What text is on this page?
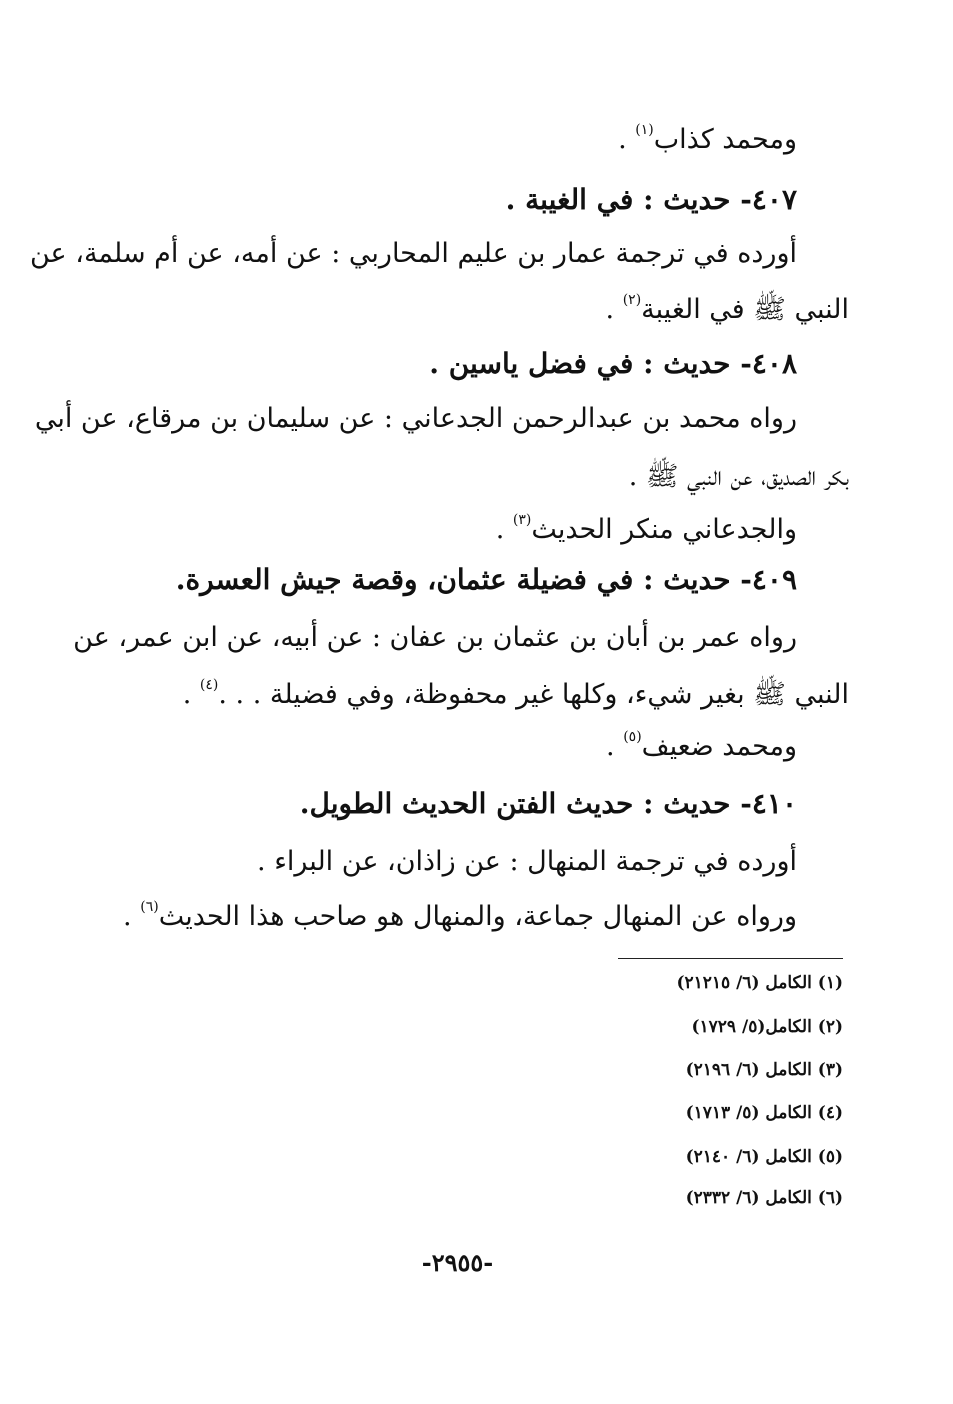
ومحمد كذاب$^{(١)}$ .
٤٠٧- حديث : في الغيبة .
أورده في ترجمة عمار بن عليم المحاربي : عن أمه، عن أم سلمة، عن
النبي ﷺ في الغيبة$^{(٢)}$ .
٤٠٨- حديث : في فضل ياسين .
رواه محمد بن عبدالرحمن الجدعاني : عن سليمان بن مرقاع، عن أبي
بكر الصديق، عن النبي ﷺ .
والجدعاني منكر الحديث$^{(٣)}$ .
٤٠٩- حديث : في فضيلة عثمان، وقصة جيش العسرة.
رواه عمر بن أبان بن عثمان بن عفان : عن أبيه، عن ابن عمر، عن
النبي ﷺ بغير شيء، وكلها غير محفوظة، وفي فضيلة . . .$^{(٤)}$ .
ومحمد ضعيف$^{(٥)}$ .
٤١٠- حديث : حديث الفتن الحديث الطويل.
أورده في ترجمة المنهال : عن زاذان، عن البراء .
ورواه عن المنهال جماعة، والمنهال هو صاحب هذا الحديث$^{(٦)}$ .
(١) الكامل (٦/ ٢١٢١٥)
(٢) الكامل(٥/ ١٧٢٩)
(٣) الكامل (٦/ ٢١٩٦)
(٤) الكامل (٥/ ١٧١٣)
(٥) الكامل (٦/ ٢١٤٠)
(٦) الكامل (٦/ ٢٣٣٢)
-٢٩٥٥-
